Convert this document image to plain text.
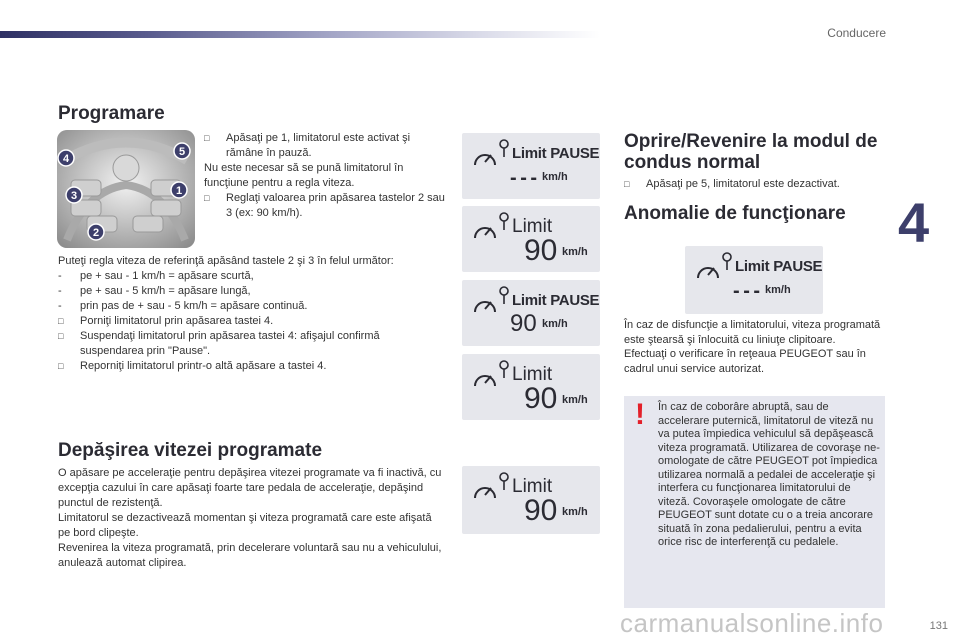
Conducere
4
131
carmanualsonline.info
Programare
4
5
3	1
2

□ Apăsaţi pe 1, limitatorul este activat şi rămâne în pauză.

Nu este necesar să se pună limitatorul în funcţiune pentru a regla viteza.

□ Reglaţi valoarea prin apăsarea tastelor 2 sau 3 (ex: 90 km/h).

Puteţi regla viteza de referinţă apăsând tastele 2 şi 3 în felul următor:

- pe + sau - 1 km/h = apăsare scurtă,

- pe + sau - 5 km/h = apăsare lungă,

- prin pas de + sau - 5 km/h = apăsare continuă.

□ Porniţi limitatorul prin apăsarea tastei 4.

□ Suspendaţi limitatorul prin apăsarea tastei 4: afişajul confirmă suspendarea prin "Pause".

□ Reporniţi limitatorul printr-o altă apăsare a tastei 4.

Depăşirea vitezei programate

O apăsare pe acceleraţie pentru depăşirea vitezei programate va fi inactivă, cu excepţia cazului în care apăsaţi foarte tare pedala de acceleraţie, depăşind punctul de rezistenţă.

Limitatorul se dezactivează momentan şi viteza programată care este afişată pe bord clipeşte.

Revenirea la viteza programată, prin decelerare voluntară sau nu a vehiculului, anulează automat clipirea.

Limit PAUSE
- - - km/h
Limit
90 km/h
Limit PAUSE
90 km/h
Limit
90 km/h
Limit
90 km/h
Oprire/Revenire la modul de condus normal

□ Apăsaţi pe 5, limitatorul este dezactivat.

Anomalie de funcţionare
Limit PAUSE
- - - km/h

În caz de disfuncţie a limitatorului, viteza programată este ştearsă şi înlocuită cu liniuţe clipitoare.

Efectuaţi o verificare în reţeaua PEUGEOT sau în cadrul unui service autorizat.

! În caz de coborâre abruptă, sau de accelerare puternică, limitatorul de viteză nu va putea împiedica vehiculul să depăşească viteza programată. Utilizarea de covoraşe ne-omologate de către PEUGEOT pot împiedica utilizarea normală a pedalei de acceleraţie şi interfera cu funcţionarea limitatorului de viteză. Covoraşele omologate de către PEUGEOT sunt dotate cu o a treia ancorare situată în zona pedalierului, pentru a evita orice risc de interferenţă cu pedalele.
